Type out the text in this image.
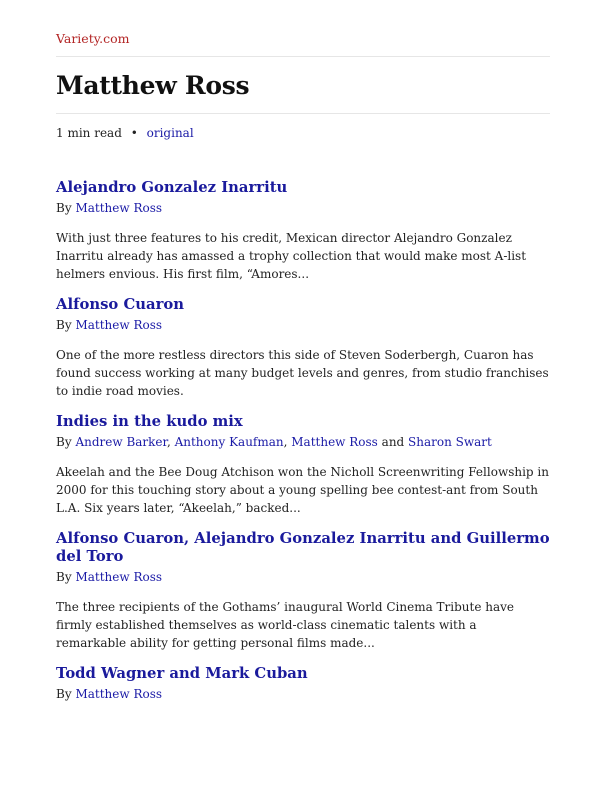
Variety.com
Matthew Ross
1 min read • original
Alejandro Gonzalez Inarritu
By Matthew Ross
With just three features to his credit, Mexican director Alejandro Gonzalez Inarritu already has amassed a trophy collection that would make most A-list helmers envious. His first film, “Amores...
Alfonso Cuaron
By Matthew Ross
One of the more restless directors this side of Steven Soderbergh, Cuaron has found success working at many budget levels and genres, from studio franchises to indie road movies.
Indies in the kudo mix
By Andrew Barker, Anthony Kaufman, Matthew Ross and Sharon Swart
Akeelah and the Bee Doug Atchison won the Nicholl Screenwriting Fellowship in 2000 for this touching story about a young spelling bee contest-ant from South L.A. Six years later, “Akeelah,” backed...
Alfonso Cuaron, Alejandro Gonzalez Inarritu and Guillermo del Toro
By Matthew Ross
The three recipients of the Gothams’ inaugural World Cinema Tribute have firmly established themselves as world-class cinematic talents with a remarkable ability for getting personal films made...
Todd Wagner and Mark Cuban
By Matthew Ross
